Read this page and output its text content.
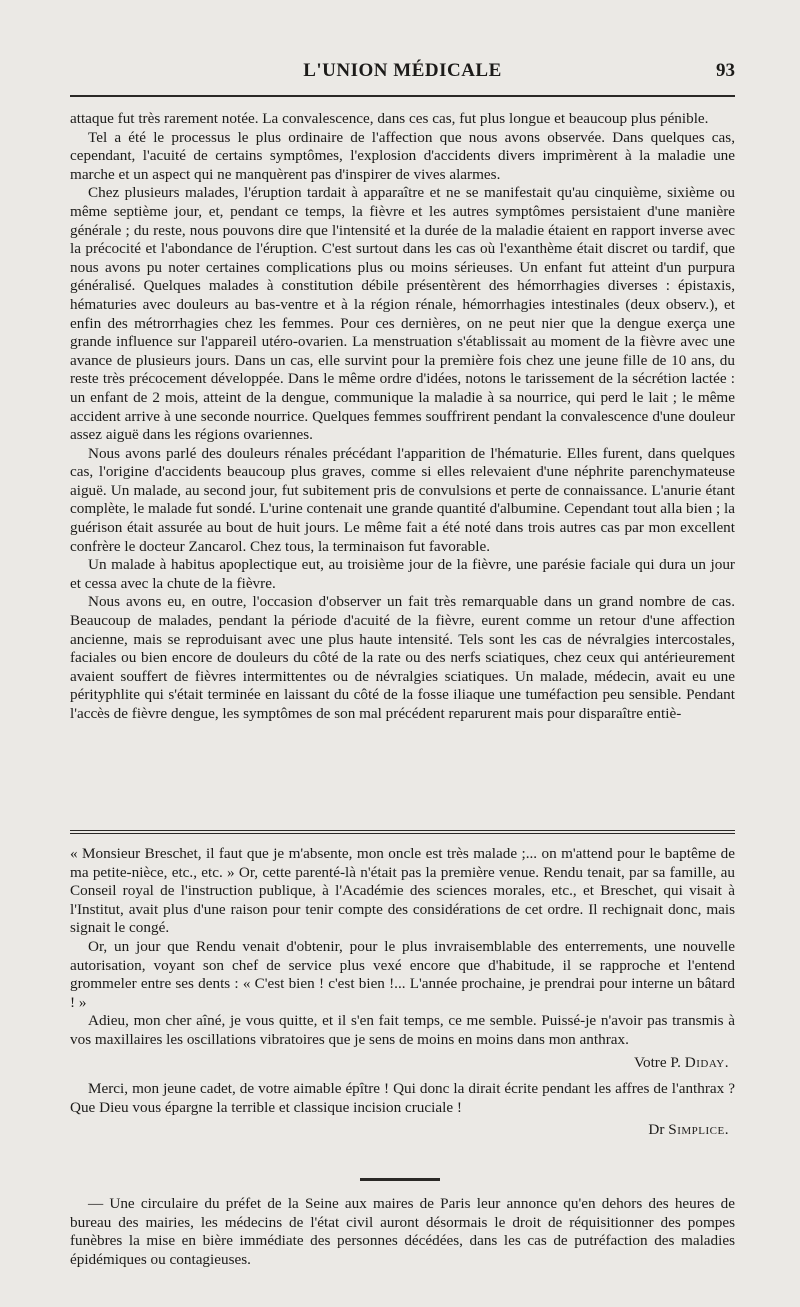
L'UNION MÉDICALE	93

attaque fut très rarement notée. La convalescence, dans ces cas, fut plus longue et beaucoup plus pénible.

Tel a été le processus le plus ordinaire de l'affection que nous avons observée. Dans quelques cas, cependant, l'acuité de certains symptômes, l'explosion d'accidents divers imprimèrent à la maladie une marche et un aspect qui ne manquèrent pas d'inspirer de vives alarmes.

Chez plusieurs malades, l'éruption tardait à apparaître et ne se manifestait qu'au cinquième, sixième ou même septième jour, et, pendant ce temps, la fièvre et les autres symptômes persistaient d'une manière générale ; du reste, nous pouvons dire que l'intensité et la durée de la maladie étaient en rapport inverse avec la précocité et l'abondance de l'éruption. C'est surtout dans les cas où l'exanthème était discret ou tardif, que nous avons pu noter certaines complications plus ou moins sérieuses. Un enfant fut atteint d'un purpura généralisé. Quelques malades à constitution débile présentèrent des hémorrhagies diverses : épistaxis, hématuries avec douleurs au bas-ventre et à la région rénale, hémorrhagies intestinales (deux observ.), et enfin des métrorrhagies chez les femmes. Pour ces dernières, on ne peut nier que la dengue exerça une grande influence sur l'appareil utéro-ovarien. La menstruation s'établissait au moment de la fièvre avec une avance de plusieurs jours. Dans un cas, elle survint pour la première fois chez une jeune fille de 10 ans, du reste très précocement développée. Dans le même ordre d'idées, notons le tarissement de la sécrétion lactée : un enfant de 2 mois, atteint de la dengue, communique la maladie à sa nourrice, qui perd le lait ; le même accident arrive à une seconde nourrice. Quelques femmes souffrirent pendant la convalescence d'une douleur assez aiguë dans les régions ovariennes.

Nous avons parlé des douleurs rénales précédant l'apparition de l'hématurie. Elles furent, dans quelques cas, l'origine d'accidents beaucoup plus graves, comme si elles relevaient d'une néphrite parenchymateuse aiguë. Un malade, au second jour, fut subitement pris de convulsions et perte de connaissance. L'anurie étant complète, le malade fut sondé. L'urine contenait une grande quantité d'albumine. Cependant tout alla bien ; la guérison était assurée au bout de huit jours. Le même fait a été noté dans trois autres cas par mon excellent confrère le docteur Zancarol. Chez tous, la terminaison fut favorable.

Un malade à habitus apoplectique eut, au troisième jour de la fièvre, une parésie faciale qui dura un jour et cessa avec la chute de la fièvre.

Nous avons eu, en outre, l'occasion d'observer un fait très remarquable dans un grand nombre de cas. Beaucoup de malades, pendant la période d'acuité de la fièvre, eurent comme un retour d'une affection ancienne, mais se reproduisant avec une plus haute intensité. Tels sont les cas de névralgies intercostales, faciales ou bien encore de douleurs du côté de la rate ou des nerfs sciatiques, chez ceux qui antérieurement avaient souffert de fièvres intermittentes ou de névralgies sciatiques. Un malade, médecin, avait eu une pérityphlite qui s'était terminée en laissant du côté de la fosse iliaque une tuméfaction peu sensible. Pendant l'accès de fièvre dengue, les symptômes de son mal précédent reparurent mais pour disparaître entiè-

« Monsieur Breschet, il faut que je m'absente, mon oncle est très malade ;... on m'attend pour le baptême de ma petite-nièce, etc., etc. » Or, cette parenté-là n'était pas la première venue. Rendu tenait, par sa famille, au Conseil royal de l'instruction publique, à l'Académie des sciences morales, etc., et Breschet, qui visait à l'Institut, avait plus d'une raison pour tenir compte des considérations de cet ordre. Il rechignait donc, mais signait le congé.

Or, un jour que Rendu venait d'obtenir, pour le plus invraisemblable des enterrements, une nouvelle autorisation, voyant son chef de service plus vexé encore que d'habitude, il se rapproche et l'entend grommeler entre ses dents : « C'est bien ! c'est bien !... L'année prochaine, je prendrai pour interne un bâtard ! »

Adieu, mon cher aîné, je vous quitte, et il s'en fait temps, ce me semble. Puissé-je n'avoir pas transmis à vos maxillaires les oscillations vibratoires que je sens de moins en moins dans mon anthrax.

Votre P. Diday.

Merci, mon jeune cadet, de votre aimable épître ! Qui donc la dirait écrite pendant les affres de l'anthrax ? Que Dieu vous épargne la terrible et classique incision cruciale !

Dr Simplice.

— Une circulaire du préfet de la Seine aux maires de Paris leur annonce qu'en dehors des heures de bureau des mairies, les médecins de l'état civil auront désormais le droit de réquisitionner des pompes funèbres la mise en bière immédiate des personnes décédées, dans les cas de putréfaction des maladies épidémiques ou contagieuses.
